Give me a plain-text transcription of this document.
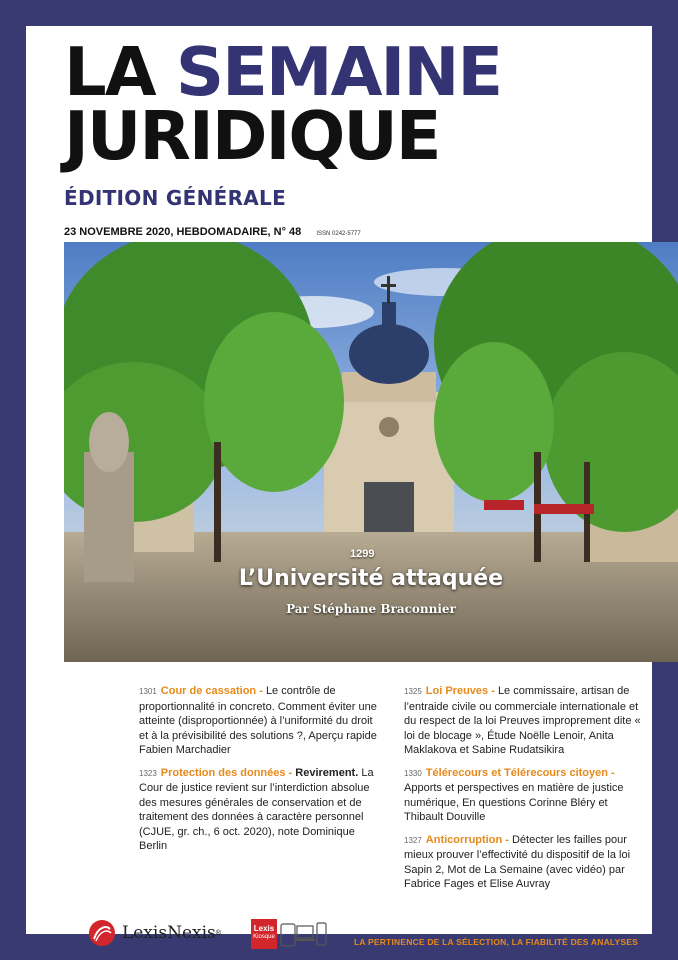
LA SEMAINE
JURIDIQUE
ÉDITION GÉNÉRALE
23 NOVEMBRE 2020, HEBDOMADAIRE, N° 48	ISSN 0242-5777
1299
L’Université attaquée
Par Stéphane Braconnier
1301 Cour de cassation - Le contrôle de proportionnalité in concreto. Comment éviter une atteinte (disproportionnée) à l’uniformité du droit et à la prévisibilité des solutions ?, Aperçu rapide Fabien Marchadier
1323 Protection des données - Revirement. La Cour de justice revient sur l’interdiction absolue des mesures générales de conservation et de traitement des données à caractère personnel (CJUE, gr. ch., 6 oct. 2020), note Dominique Berlin
1325 Loi Preuves - Le commissaire, artisan de l’entraide civile ou commerciale internationale et du respect de la loi Preuves improprement dite « loi de blocage », Étude Noëlle Lenoir, Anita Maklakova et Sabine Rudatsikira
1330 Télérecours et Télérecours citoyen - Apports et perspectives en matière de justice numérique, En questions Corinne Bléry et Thibault Douville
1327 Anticorruption - Détecter les failles pour mieux prouver l’effectivité du dispositif de la loi Sapin 2, Mot de La Semaine (avec vidéo) par Fabrice Fages et Elise Auvray
LexisNexis ®	Lexis
Kiosque	LA PERTINENCE DE LA SÉLECTION, LA FIABILITÉ DES ANALYSES
